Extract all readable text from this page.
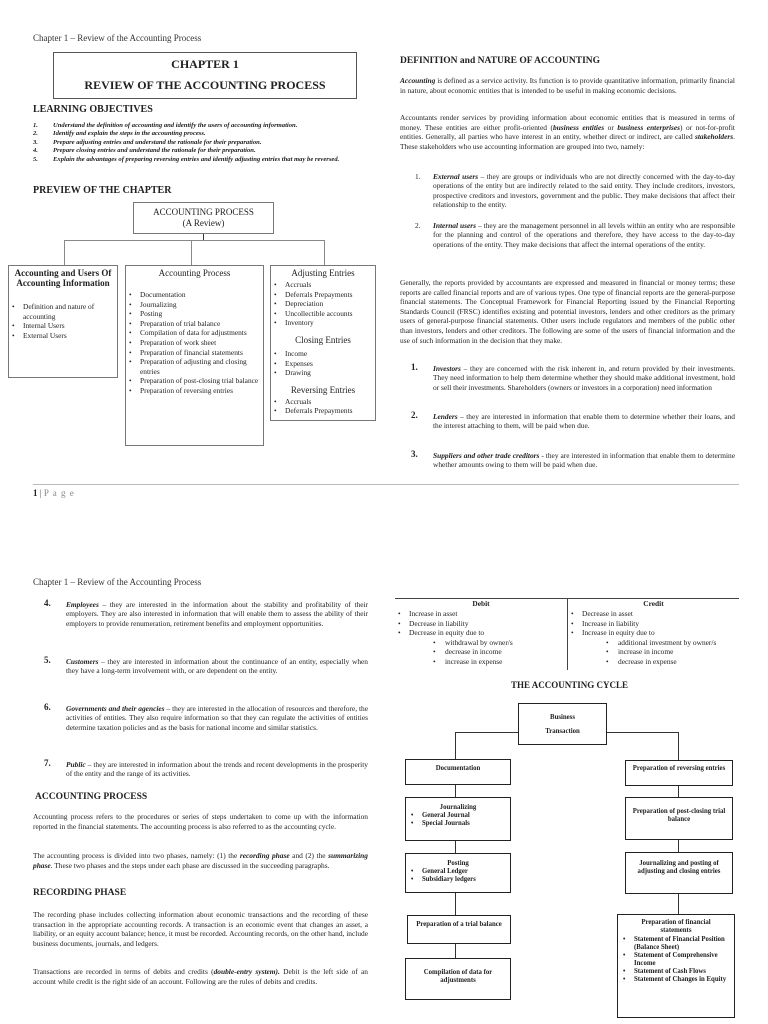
Chapter 1 – Review of the Accounting Process
CHAPTER 1
REVIEW OF THE ACCOUNTING PROCESS
LEARNING OBJECTIVES
1. Understand the definition of accounting and identify the users of accounting information.
2. Identify and explain the steps in the accounting process.
3. Prepare adjusting entries and understand the rationale for their preparation.
4. Prepare closing entries and understand the rationale for their preparation.
5. Explain the advantages of preparing reversing entries and identify adjusting entries that may be reversed.
PREVIEW OF THE CHAPTER
ACCOUNTING PROCESS
(A Review)
Accounting and Users Of Accounting Information
• Definition and nature of accounting
• Internal Users
• External Users
Accounting Process
• Documentation
• Journalizing
• Posting
• Preparation of trial balance
• Compilation of data for adjustments
• Preparation of work sheet
• Preparation of financial statements
• Preparation of adjusting and closing entries
• Preparation of post-closing trial balance
• Preparation of reversing entries
Adjusting Entries
• Accruals
• Deferrals Prepayments
• Depreciation
• Uncollectible accounts
• Inventory
Closing Entries
• Income
• Expenses
• Drawing
Reversing Entries
• Accruals
• Deferrals Prepayments
DEFINITION and NATURE OF ACCOUNTING

Accounting is defined as a service activity. Its function is to provide quantitative information, primarily financial in nature, about economic entities that is intended to be useful in making economic decisions.

Accountants render services by providing information about economic entities that is measured in terms of money. These entities are either profit-oriented (business entities or business enterprises) or not-for-profit entities. Generally, all parties who have interest in an entity, whether direct or indirect, are called stakeholders. These stakeholders who use accounting information are grouped into two, namely:

1. External users – they are groups or individuals who are not directly concerned with the day-to-day operations of the entity but are indirectly related to the said entity. They include creditors, investors, prospective creditors and investors, government and the public. They make decisions that affect their relationship to the entity.
2. Internal users – they are the management personnel in all levels within an entity who are responsible for the planning and control of the operations and therefore, they have access to the day-to-day operations of the entity. They make decisions that affect the internal operations of the entity.

Generally, the reports provided by accountants are expressed and measured in financial or money terms; these reports are called financial reports and are of various types. One type of financial reports are the general-purpose financial statements. The Conceptual Framework for Financial Reporting issued by the Financial Reporting Standards Council (FRSC) identifies existing and potential investors, lenders and other creditors as the primary users of general-purpose financial statements. Other users include regulators and members of the public other than investors, lenders and other creditors. The following are some of the users of financial information and the use of such information in the decision that they make.

1. Investors – they are concerned with the risk inherent in, and return provided by their investments. They need information to help them determine whether they should make additional investment, hold or sell their investments. Shareholders (owners or investors in a corporation) need information
2. Lenders – they are interested in information that enable them to determine whether their loans, and the interest attaching to them, will be paid when due.
3. Suppliers and other trade creditors - they are interested in information that enable them to determine whether amounts owing to them will be paid when due.
1 | P a g e
Chapter 1 – Review of the Accounting Process
4. Employees – they are interested in the information about the stability and profitability of their employers. They are also interested in information that will enable them to assess the ability of their employers to provide renumeration, retirement benefits and employment opportunities.
5. Customers – they are interested in information about the continuance of an entity, especially when they have a long-term involvement with, or are dependent on the entity.
6. Governments and their agencies – they are interested in the allocation of resources and therefore, the activities of entities. They also require information so that they can regulate the activities of entities determine taxation policies and as the basis for national income and similar statistics.
7. Public – they are interested in information about the trends and recent developments in the prosperity of the entity and the range of its activities.
ACCOUNTING PROCESS

Accounting process refers to the procedures or series of steps undertaken to come up with the information reported in the financial statements. The accounting process is also referred to as the accounting cycle.

The accounting process is divided into two phases, namely: (1) the recording phase and (2) the summarizing phase. These two phases and the steps under each phase are discussed in the succeeding paragraphs.

RECORDING PHASE

The recording phase includes collecting information about economic transactions and the recording of these transaction in the appropriate accounting records. A transaction is an economic event that changes an asset, a liability, or an equity account balance; hence, it must be recorded. Accounting records, on the other hand, include business documents, journals, and ledgers.

Transactions are recorded in terms of debits and credits (double-entry system). Debit is the left side of an account while credit is the right side of an account. Following are the rules of debits and credits.

Debit	Credit
• Increase in asset
• Decrease in liability
• Decrease in equity due to
• withdrawal by owner/s
• decrease in income
• increase in expense
• Decrease in asset
• Increase in liability
• Increase in equity due to
• additional investment by owner/s
• increase in income
• decrease in expense
THE ACCOUNTING CYCLE
Business
Transaction
Documentation
Journalizing
• General Journal
• Special Journals
Posting
• General Ledger
• Subsidiary ledgers
Preparation of a trial balance
Compilation of data for adjustments
Preparation of reversing entries
Preparation of post-closing trial balance
Journalizing and posting of adjusting and closing entries
Preparation of financial statements
• Statement of Financial Position (Balance Sheet)
• Statement of Comprehensive Income
• Statement of Cash Flows
• Statement of Changes in Equity
